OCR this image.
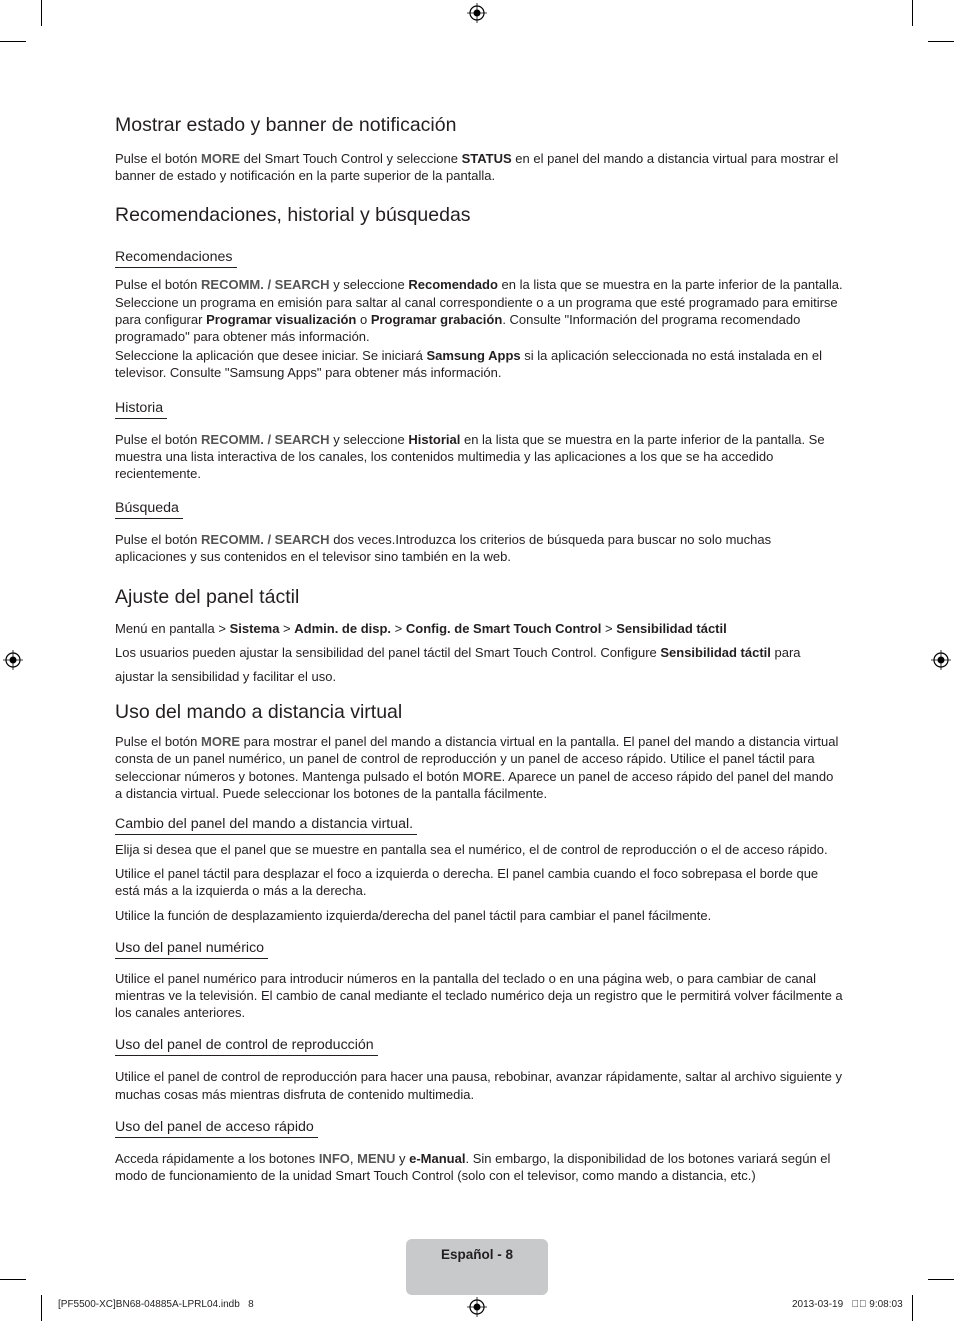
Mostrar estado y banner de notificación

Pulse el botón MORE del Smart Touch Control y seleccione STATUS en el panel del mando a distancia virtual para mostrar el banner de estado y notificación en la parte superior de la pantalla.

Recomendaciones, historial y búsquedas
Recomendaciones

Pulse el botón RECOMM. / SEARCH y seleccione Recomendado en la lista que se muestra en la parte inferior de la pantalla. Seleccione un programa en emisión para saltar al canal correspondiente o a un programa que esté programado para emitirse para configurar Programar visualización o Programar grabación. Consulte "Información del programa recomendado programado" para obtener más información.

Seleccione la aplicación que desee iniciar. Se iniciará Samsung Apps si la aplicación seleccionada no está instalada en el televisor. Consulte "Samsung Apps" para obtener más información.

Historia

Pulse el botón RECOMM. / SEARCH y seleccione Historial en la lista que se muestra en la parte inferior de la pantalla. Se muestra una lista interactiva de los canales, los contenidos multimedia y las aplicaciones a los que se ha accedido recientemente.

Búsqueda

Pulse el botón RECOMM. / SEARCH dos veces.Introduzca los criterios de búsqueda para buscar no solo muchas aplicaciones y sus contenidos en el televisor sino también en la web.

Ajuste del panel táctil

Menú en pantalla > Sistema > Admin. de disp. > Config. de Smart Touch Control > Sensibilidad táctil

Los usuarios pueden ajustar la sensibilidad del panel táctil del Smart Touch Control. Configure Sensibilidad táctil para

ajustar la sensibilidad y facilitar el uso.

Uso del mando a distancia virtual

Pulse el botón MORE para mostrar el panel del mando a distancia virtual en la pantalla. El panel del mando a distancia virtual consta de un panel numérico, un panel de control de reproducción y un panel de acceso rápido. Utilice el panel táctil para seleccionar números y botones. Mantenga pulsado el botón MORE. Aparece un panel de acceso rápido del panel del mando a distancia virtual. Puede seleccionar los botones de la pantalla fácilmente.

Cambio del panel del mando a distancia virtual.

Elija si desea que el panel que se muestre en pantalla sea el numérico, el de control de reproducción o el de acceso rápido.

Utilice el panel táctil para desplazar el foco a izquierda o derecha. El panel cambia cuando el foco sobrepasa el borde que está más a la izquierda o más a la derecha.

Utilice la función de desplazamiento izquierda/derecha del panel táctil para cambiar el panel fácilmente.

Uso del panel numérico

Utilice el panel numérico para introducir números en la pantalla del teclado o en una página web, o para cambiar de canal mientras ve la televisión. El cambio de canal mediante el teclado numérico deja un registro que le permitirá volver fácilmente a los canales anteriores.

Uso del panel de control de reproducción

Utilice el panel de control de reproducción para hacer una pausa, rebobinar, avanzar rápidamente, saltar al archivo siguiente y muchas cosas más mientras disfruta de contenido multimedia.

Uso del panel de acceso rápido

Acceda rápidamente a los botones INFO, MENU y e-Manual. Sin embargo, la disponibilidad de los botones variará según el modo de funcionamiento de la unidad Smart Touch Control (solo con el televisor, como mando a distancia, etc.)

Español - 8
[PF5500-XC]BN68-04885A-LPRL04.indb   8	2013-03-19   ￿￿ 9:08:03
